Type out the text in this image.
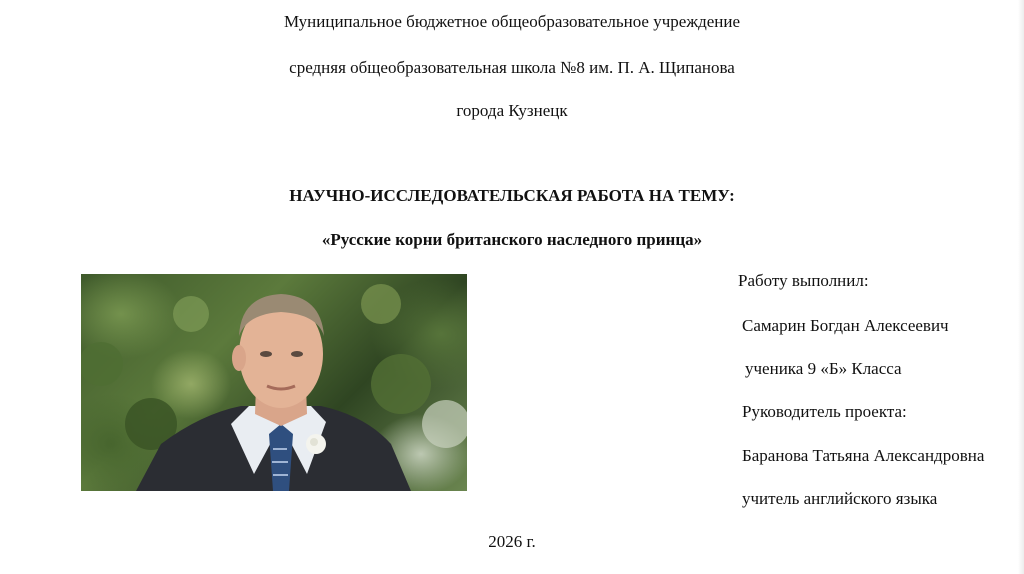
Муниципальное бюджетное общеобразовательное учреждение
средняя общеобразовательная школа №8 им. П. А. Щипанова
города Кузнецк
НАУЧНО-ИССЛЕДОВАТЕЛЬСКАЯ РАБОТА НА ТЕМУ:
«Русские корни британского наследного принца»
Работу выполнил:
Самарин Богдан Алексеевич
ученика 9 «Б» Класса
Руководитель проекта:
Баранова Татьяна Александровна
учитель английского языка
2026 г.
